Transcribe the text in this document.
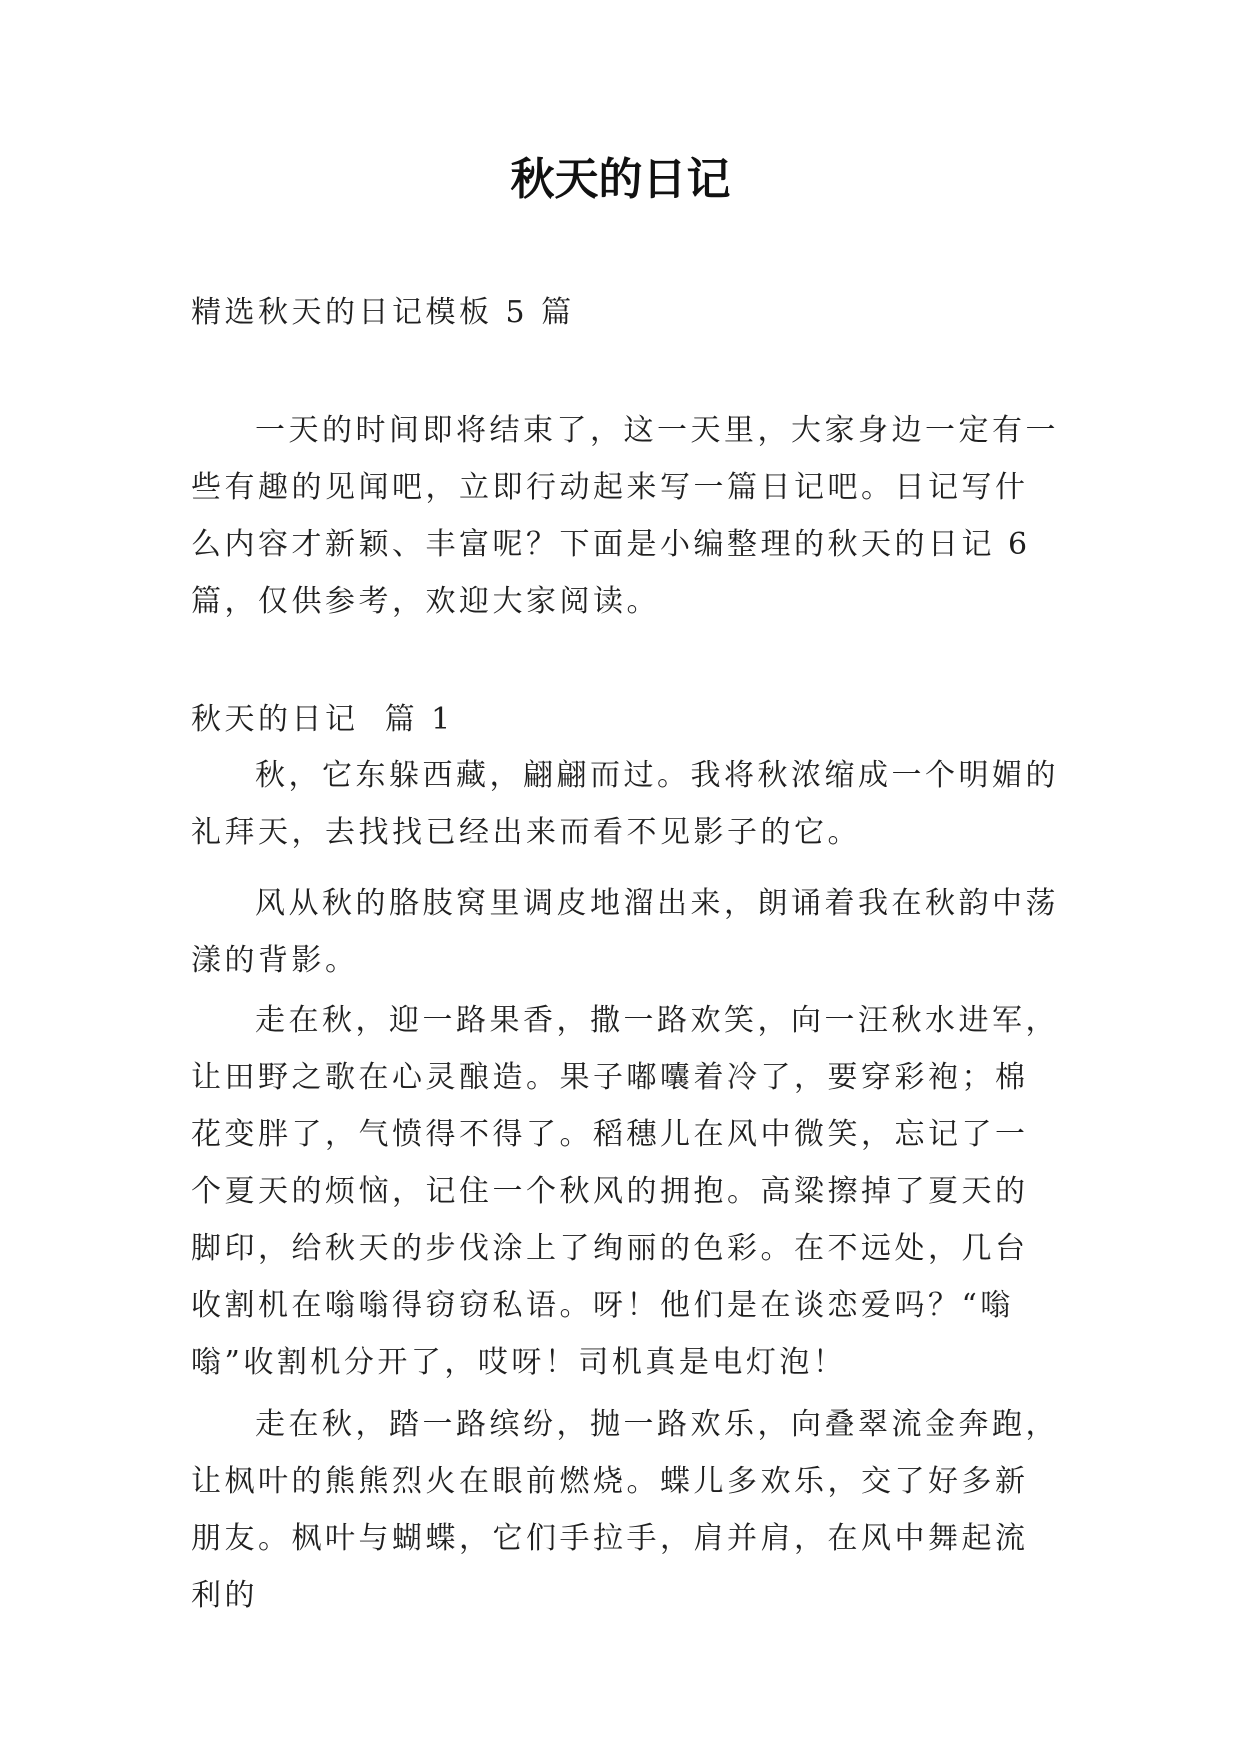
秋天的日记

精选秋天的日记模板 5 篇

一天的时间即将结束了，这一天里，大家身边一定有一些有趣的见闻吧，立即行动起来写一篇日记吧。日记写什么内容才新颖、丰富呢？下面是小编整理的秋天的日记 6 篇，仅供参考，欢迎大家阅读。

秋天的日记  篇 1

秋，它东躲西藏，翩翩而过。我将秋浓缩成一个明媚的礼拜天，去找找已经出来而看不见影子的它。

风从秋的胳肢窝里调皮地溜出来，朗诵着我在秋韵中荡漾的背影。

走在秋，迎一路果香，撒一路欢笑，向一汪秋水进军，让田野之歌在心灵酿造。果子嘟囔着冷了，要穿彩袍；棉花变胖了，气愤得不得了。稻穗儿在风中微笑，忘记了一个夏天的烦恼，记住一个秋风的拥抱。高粱擦掉了夏天的脚印，给秋天的步伐涂上了绚丽的色彩。在不远处，几台收割机在嗡嗡得窃窃私语。呀！他们是在谈恋爱吗？“嗡嗡”收割机分开了，哎呀！司机真是电灯泡！

走在秋，踏一路缤纷，抛一路欢乐，向叠翠流金奔跑，让枫叶的熊熊烈火在眼前燃烧。蝶儿多欢乐，交了好多新朋友。枫叶与蝴蝶，它们手拉手，肩并肩，在风中舞起流利的
